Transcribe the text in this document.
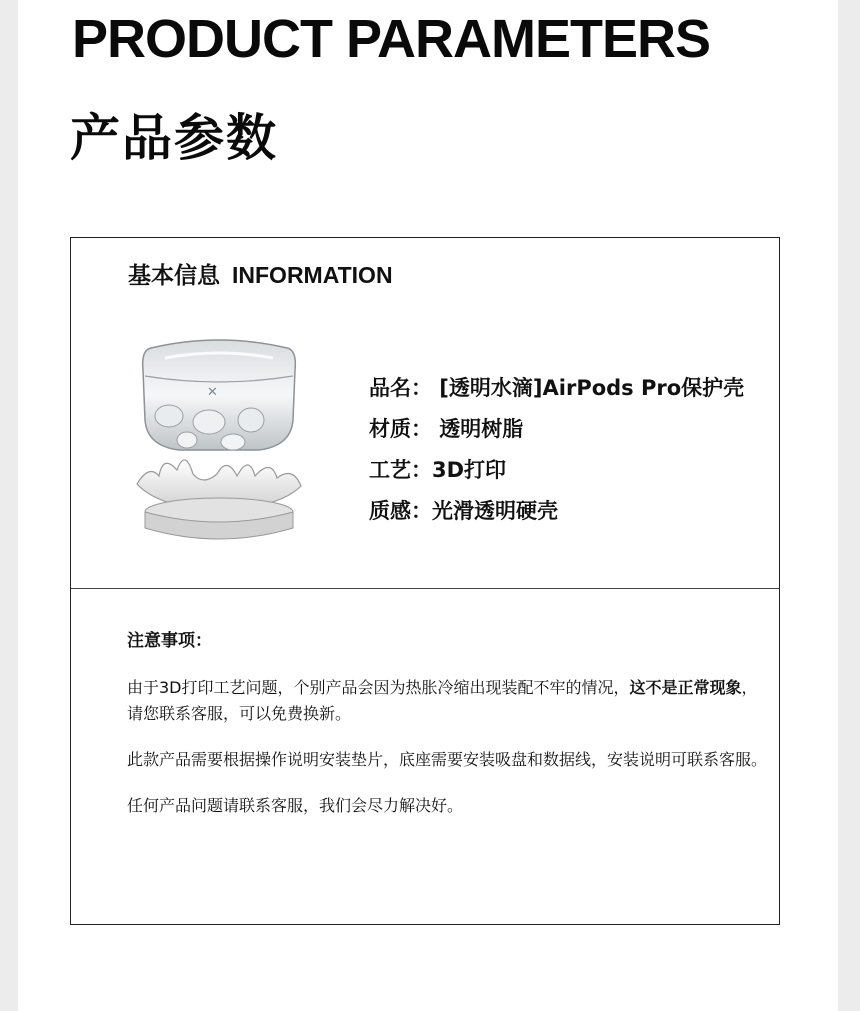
PRODUCT PARAMETERS
产品参数
基本信息 INFORMATION
✕	品名： [透明水滴]AirPods Pro保护壳
材质： 透明树脂
工艺：3D打印
质感：光滑透明硬壳
注意事项：
由于3D打印工艺问题，个别产品会因为热胀冷缩出现装配不牢的情况，这不是正常现象，请您联系客服，可以免费换新。
此款产品需要根据操作说明安装垫片，底座需要安装吸盘和数据线，安装说明可联系客服。
任何产品问题请联系客服，我们会尽力解决好。
